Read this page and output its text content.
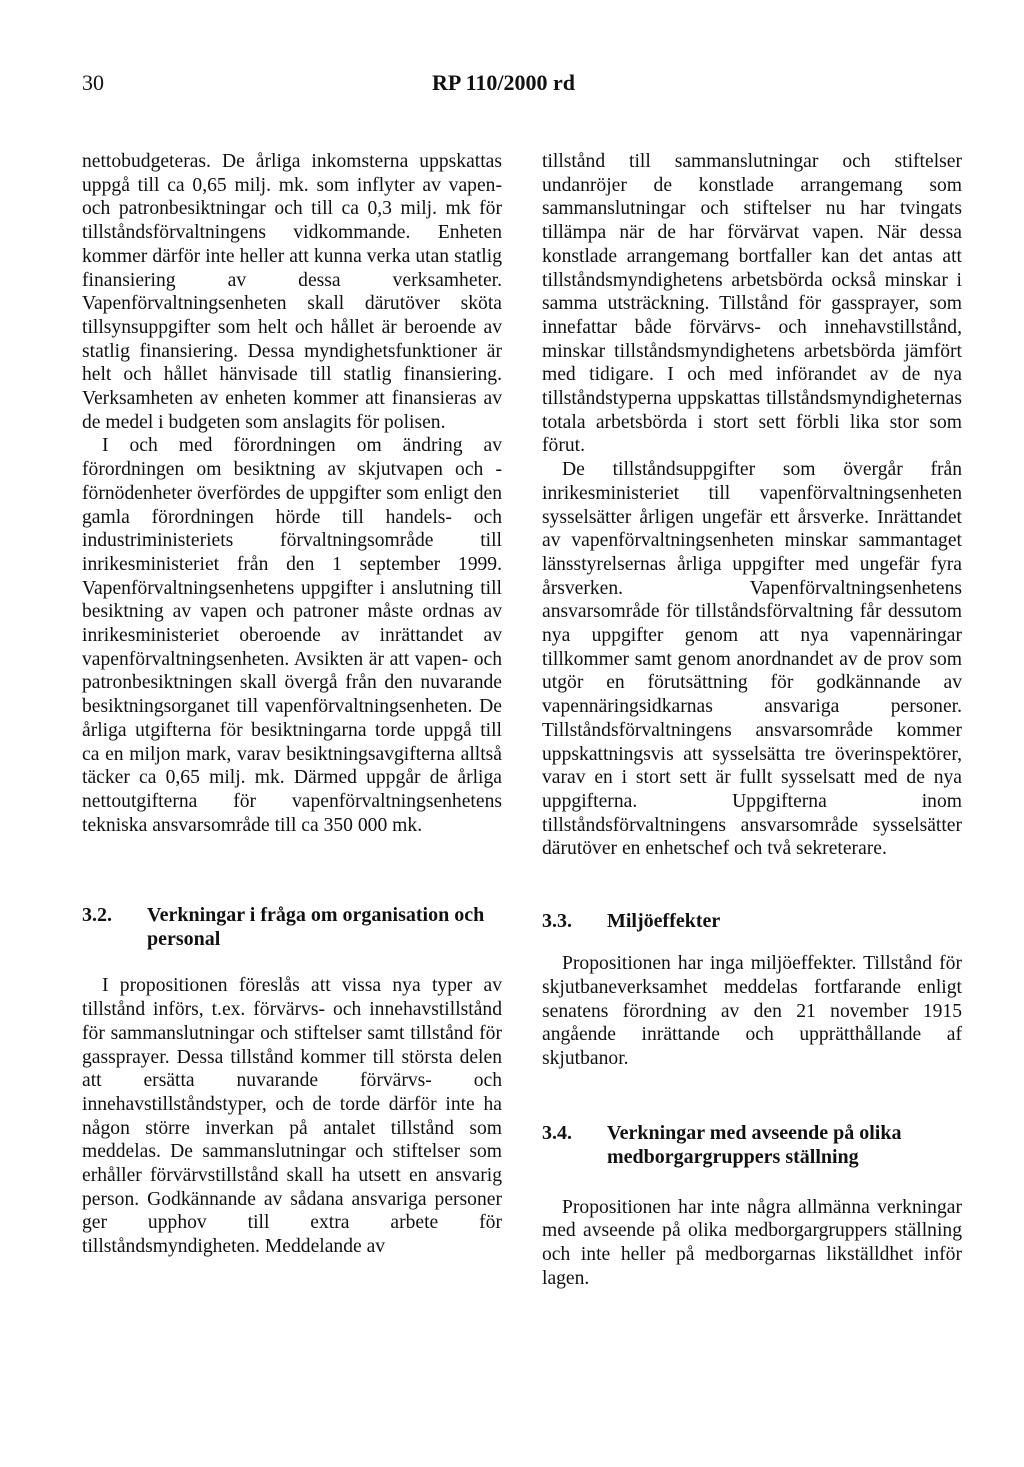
30	RP 110/2000 rd

nettobudgeteras. De årliga inkomsterna uppskattas uppgå till ca 0,65 milj. mk. som inflyter av vapen- och patronbesiktningar och till ca 0,3 milj. mk för tillståndsförvaltningens vidkommande. Enheten kommer därför inte heller att kunna verka utan statlig finansiering av dessa verksamheter. Vapenförvaltningsenheten skall därutöver sköta tillsynsuppgifter som helt och hållet är beroende av statlig finansiering. Dessa myndighetsfunktioner är helt och hållet hänvisade till statlig finansiering. Verksamheten av enheten kommer att finansieras av de medel i budgeten som anslagits för polisen.

I och med förordningen om ändring av förordningen om besiktning av skjutvapen och -förnödenheter överfördes de uppgifter som enligt den gamla förordningen hörde till handels- och industriministeriets förvaltningsområde till inrikesministeriet från den 1 september 1999. Vapenförvaltningsenhetens uppgifter i anslutning till besiktning av vapen och patroner måste ordnas av inrikesministeriet oberoende av inrättandet av vapenförvaltningsenheten. Avsikten är att vapen- och patronbesiktningen skall övergå från den nuvarande besiktningsorganet till vapenförvaltningsenheten. De årliga utgifterna för besiktningarna torde uppgå till ca en miljon mark, varav besiktningsavgifterna alltså täcker ca 0,65 milj. mk. Därmed uppgår de årliga nettoutgifterna för vapenförvaltningsenhetens tekniska ansvarsområde till ca 350 000 mk.

3.2.	Verkningar i fråga om organisation och personal

I propositionen föreslås att vissa nya typer av tillstånd införs, t.ex. förvärvs- och innehavstillstånd för sammanslutningar och stiftelser samt tillstånd för gassprayer. Dessa tillstånd kommer till största delen att ersätta nuvarande förvärvs- och innehavstillståndstyper, och de torde därför inte ha någon större inverkan på antalet tillstånd som meddelas. De sammanslutningar och stiftelser som erhåller förvärvstillstånd skall ha utsett en ansvarig person. Godkännande av sådana ansvariga personer ger upphov till extra arbete för tillståndsmyndigheten. Meddelande av

tillstånd till sammanslutningar och stiftelser undanröjer de konstlade arrangemang som sammanslutningar och stiftelser nu har tvingats tillämpa när de har förvärvat vapen. När dessa konstlade arrangemang bortfaller kan det antas att tillståndsmyndighetens arbetsbörda också minskar i samma utsträckning. Tillstånd för gassprayer, som innefattar både förvärvs- och innehavstillstånd, minskar tillståndsmyndighetens arbetsbörda jämfört med tidigare. I och med införandet av de nya tillståndstyperna uppskattas tillståndsmyndigheternas totala arbetsbörda i stort sett förbli lika stor som förut.

De tillståndsuppgifter som övergår från inrikesministeriet till vapenförvaltningsenheten sysselsätter årligen ungefär ett årsverke. Inrättandet av vapenförvaltningsenheten minskar sammantaget länsstyrelsernas årliga uppgifter med ungefär fyra årsverken. Vapenförvaltningsenhetens ansvarsområde för tillståndsförvaltning får dessutom nya uppgifter genom att nya vapennäringar tillkommer samt genom anordnandet av de prov som utgör en förutsättning för godkännande av vapennäringsidkarnas ansvariga personer. Tillståndsförvaltningens ansvarsområde kommer uppskattningsvis att sysselsätta tre överinspektörer, varav en i stort sett är fullt sysselsatt med de nya uppgifterna. Uppgifterna inom tillståndsförvaltningens ansvarsområde sysselsätter därutöver en enhetschef och två sekreterare.

3.3.	Miljöeffekter

Propositionen har inga miljöeffekter. Tillstånd för skjutbaneverksamhet meddelas fortfarande enligt senatens förordning av den 21 november 1915 angående inrättande och upprätthållande af skjutbanor.

3.4.	Verkningar med avseende på olika medborgargruppers ställning

Propositionen har inte några allmänna verkningar med avseende på olika medborgargruppers ställning och inte heller på medborgarnas likställdhet inför lagen.
